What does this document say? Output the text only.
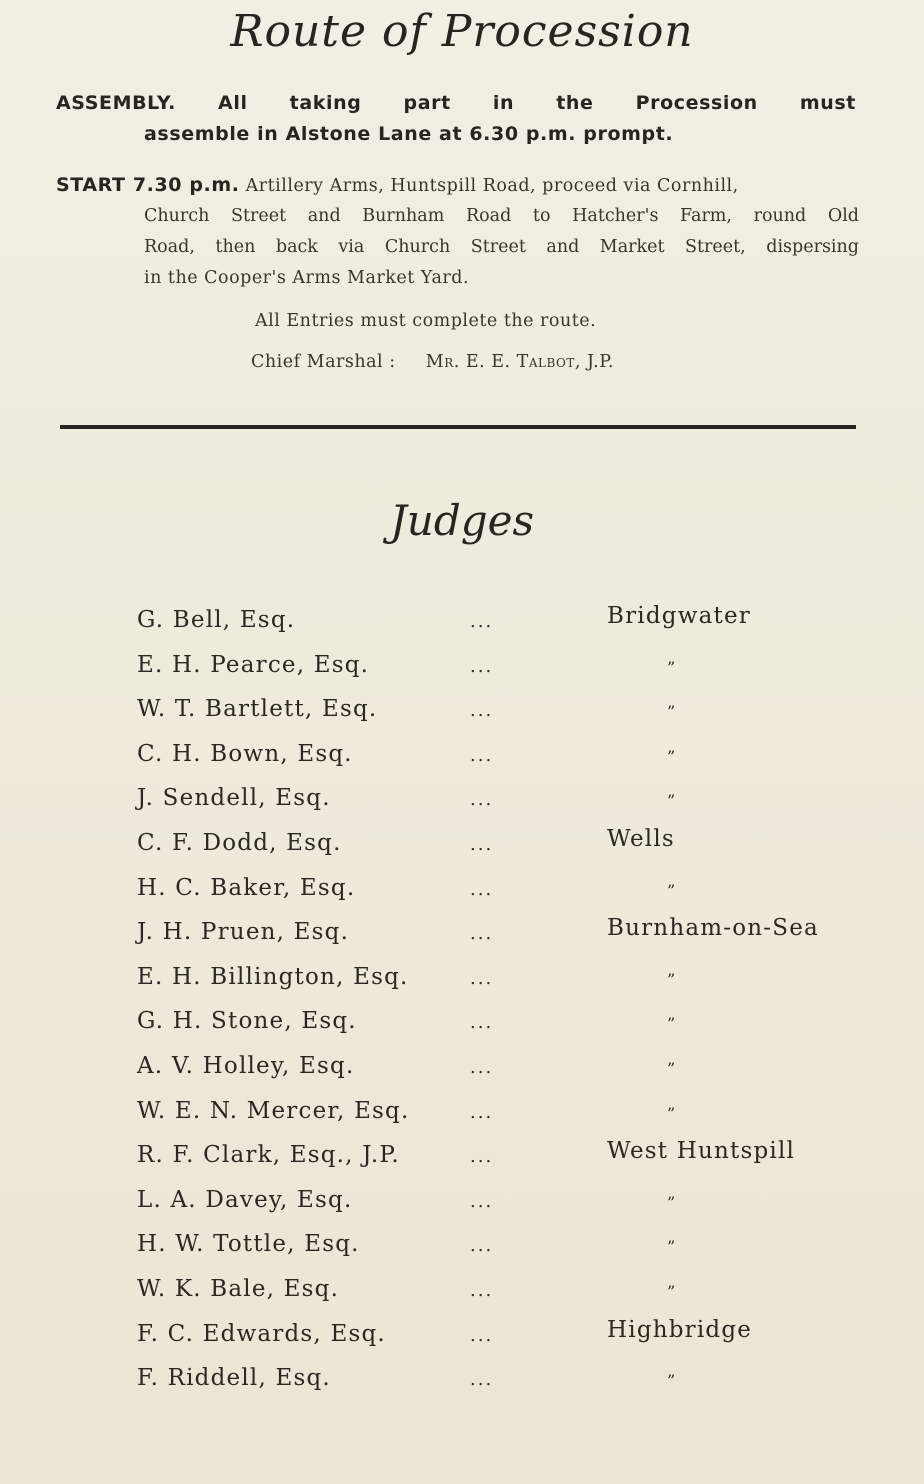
Route of Procession
ASSEMBLY. All taking part in the Procession must
assemble in Alstone Lane at 6.30 p.m. prompt.
START 7.30 p.m. Artillery Arms, Huntspill Road, proceed via Cornhill,
Church Street and Burnham Road to Hatcher's Farm, round Old
Road, then back via Church Street and Market Street, dispersing
in the Cooper's Arms Market Yard.
All Entries must complete the route.
Chief Marshal : Mr. E. E. Talbot, J.P.
Judges
G. Bell, Esq.	...	Bridgwater
E. H. Pearce, Esq.	...	”
W. T. Bartlett, Esq.	...	”
C. H. Bown, Esq.	...	”
J. Sendell, Esq.	...	”
C. F. Dodd, Esq.	...	Wells
H. C. Baker, Esq.	...	”
J. H. Pruen, Esq.	...	Burnham-on-Sea
E. H. Billington, Esq.	...	”
G. H. Stone, Esq.	...	”
A. V. Holley, Esq.	...	”
W. E. N. Mercer, Esq.	...	”
R. F. Clark, Esq., J.P.	...	West Huntspill
L. A. Davey, Esq.	...	”
H. W. Tottle, Esq.	...	”
W. K. Bale, Esq.	...	”
F. C. Edwards, Esq.	...	Highbridge
F. Riddell, Esq.	...	”
